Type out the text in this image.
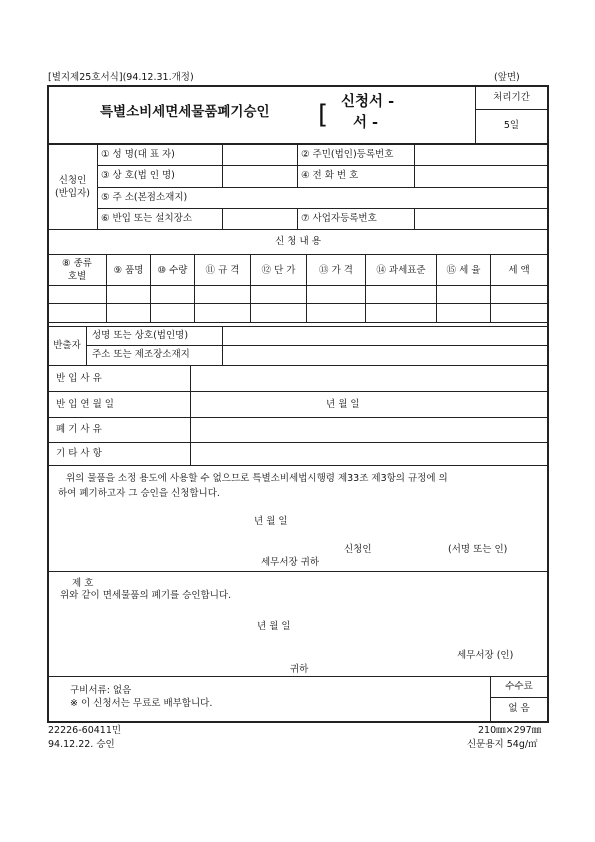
[별지제25호서식](94.12.31.개정)	(앞면)
특별소비세면세물품폐기승인 [ 신청서 -
서 -
처리기간
5일
신청인
(반입자)
① 성 명(대 표 자)	② 주민(법인)등록번호
③ 상 호(법 인 명)	④ 전 화 번 호
⑤ 주 소(본점소재지)
⑥ 반입 또는 설치장소	⑦ 사업자등록번호
신 청 내 용
⑧ 종류
호별
⑨ 품명	⑩ 수량	⑪ 규 격	⑫ 단 가	⑬ 가 격	⑭ 과세표준	⑮ 세 율	세 액
반출자
성명 또는 상호(법인명)
주소 또는 제조장소재지
반 입 사 유
반 입 연 월 일	년 월 일
폐 기 사 유
기 타 사 항
위의 물품을 소정 용도에 사용할 수 없으므로 특별소비세법시행령 제33조 제3항의 규정에 의
하여 폐기하고자 그 승인을 신청합니다.
년 월 일
신청인	(서명 또는 인)
세무서장 귀하
제 호
위와 같이 면세물품의 폐기를 승인합니다.
년 월 일
세무서장 (인)
귀하
구비서류: 없음
※ 이 신청서는 무료로 배부합니다.
수수료
없 음
22226-60411민	210㎜×297㎜
94.12.22. 승인	신문용지 54g/㎡
